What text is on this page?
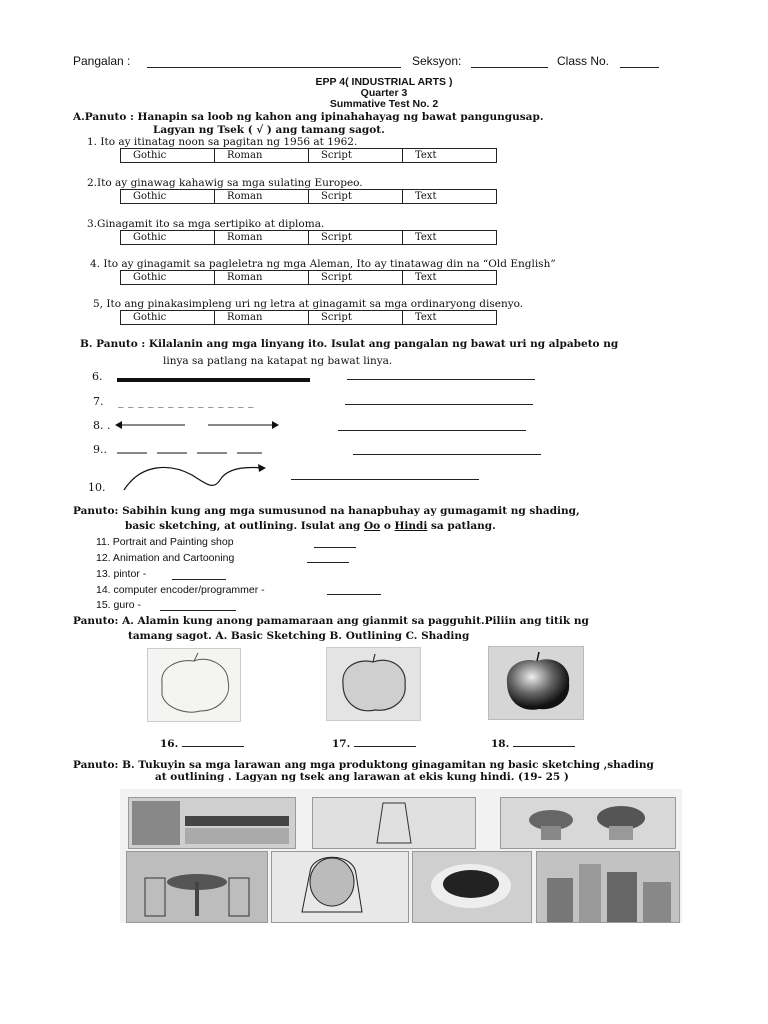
Pangalan :	Seksyon:	Class No.
EPP 4( INDUSTRIAL ARTS )
Quarter 3
Summative Test No. 2
A.Panuto : Hanapin sa loob ng kahon ang ipinahahayag ng bawat pangungusap.
Lagyan ng Tsek ( √ ) ang tamang sagot.
1. Ito ay itinatag noon sa pagitan ng 1956 at 1962.
Gothic	Roman	Script	Text
2.Ito ay ginawag kahawig sa mga sulating Europeo.
Gothic	Roman	Script	Text
3.Ginagamit ito sa mga sertipiko at diploma.
Gothic	Roman	Script	Text
4. Ito ay ginagamit sa pagleletra ng mga Aleman, Ito ay tinatawag din na “Old English”
Gothic	Roman	Script	Text
5, Ito ang pinakasimpleng uri ng letra at ginagamit sa mga ordinaryong disenyo.
Gothic	Roman	Script	Text
B. Panuto : Kilalanin ang mga linyang ito. Isulat ang pangalan ng bawat uri ng alpabeto ng
linya sa patlang na katapat ng bawat linya.
6.
7. _ _ _ _ _ _ _ _ _ _ _ _ _ _
8. .
9..
10.
Panuto: Sabihin kung ang mga sumusunod na hanapbuhay ay gumagamit ng shading,
basic sketching, at outlining. Isulat ang Oo o Hindi sa patlang.
11. Portrait and Painting shop
12. Animation and Cartooning
13. pintor -
14. computer encoder/programmer -
15. guro -
Panuto: A. Alamin kung anong pamamaraan ang gianmit sa pagguhit.Piliin ang titik ng
tamang sagot. A. Basic Sketching B. Outlining C. Shading
16.	17.	18.
Panuto: B. Tukuyin sa mga larawan ang mga produktong ginagamitan ng basic sketching ,shading
at outlining . Lagyan ng tsek ang larawan at ekis kung hindi. (19- 25 )
